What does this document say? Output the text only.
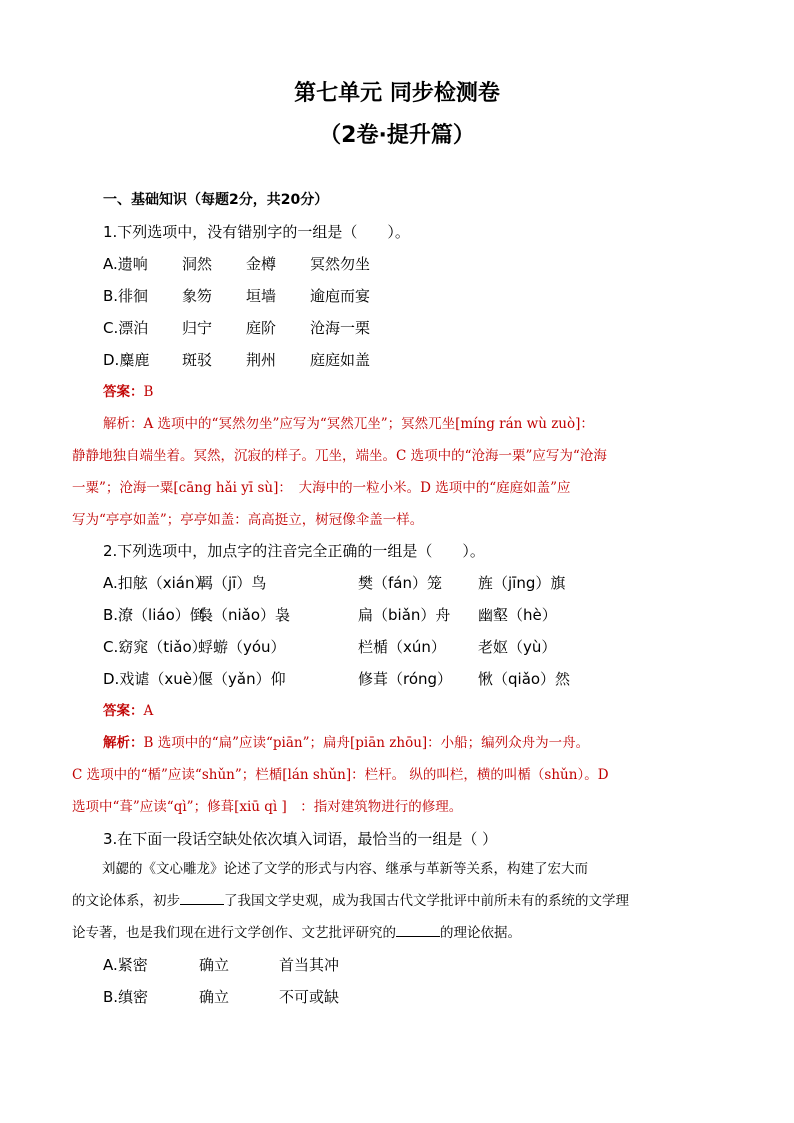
第七单元 同步检测卷
（2卷·提升篇）
一、基础知识（每题2分，共20分）
1.下列选项中，没有错别字的一组是（　　）。
A.遗响 洞然 金樽 冥然勿坐
B.徘徊 象笏 垣墙 逾庖而宴
C.漂泊 归宁 庭阶 沧海一栗
D.麋鹿 斑驳 荆州 庭庭如盖
答案：B
解析：A 选项中的“冥然勿坐”应写为“冥然兀坐”；冥然兀坐[míng rán wù zuò]：
静静地独自端坐着。冥然，沉寂的样子。兀坐，端坐。C 选项中的“沧海一栗”应写为“沧海
一粟”；沧海一粟[cāng hǎi yī sù]：　大海中的一粒小米。D 选项中的“庭庭如盖”应
写为“亭亭如盖”；亭亭如盖：高高挺立，树冠像伞盖一样。
2.下列选项中，加点字的注音完全正确的一组是（　　）。
A.扣舷（xián）羁（jī）鸟	樊（fán）笼 旌（jīng）旗
B.潦（liáo）倒袅（niǎo）袅	扁（biǎn）舟 幽壑（hè）
C.窈窕（tiǎo）蜉蝣（yóu）	栏楯（xún） 老妪（yù）
D.戏谑（xuè）偃（yǎn）仰	修葺（róng） 愀（qiǎo）然
答案：A
解析：B 选项中的“扁”应读“piān”；扁舟[piān zhōu]：小船；编列众舟为一舟。
C 选项中的“楯”应读“shǔn”；栏楯[lán shǔn]：栏杆。 纵的叫栏，横的叫楯（shǔn）。D
选项中“葺”应读“qì”；修葺[xiū qì ]　：指对建筑物进行的修理。
3.在下面一段话空缺处依次填入词语，最恰当的一组是（ ）
刘勰的《文心雕龙》论述了文学的形式与内容、继承与革新等关系，构建了宏大而
的文论体系，初步	了我国文学史观，成为我国古代文学批评中前所未有的系统的文学理
论专著，也是我们现在进行文学创作、文艺批评研究的	的理论依据。
A.紧密	确立	首当其冲
B.缜密	确立	不可或缺
